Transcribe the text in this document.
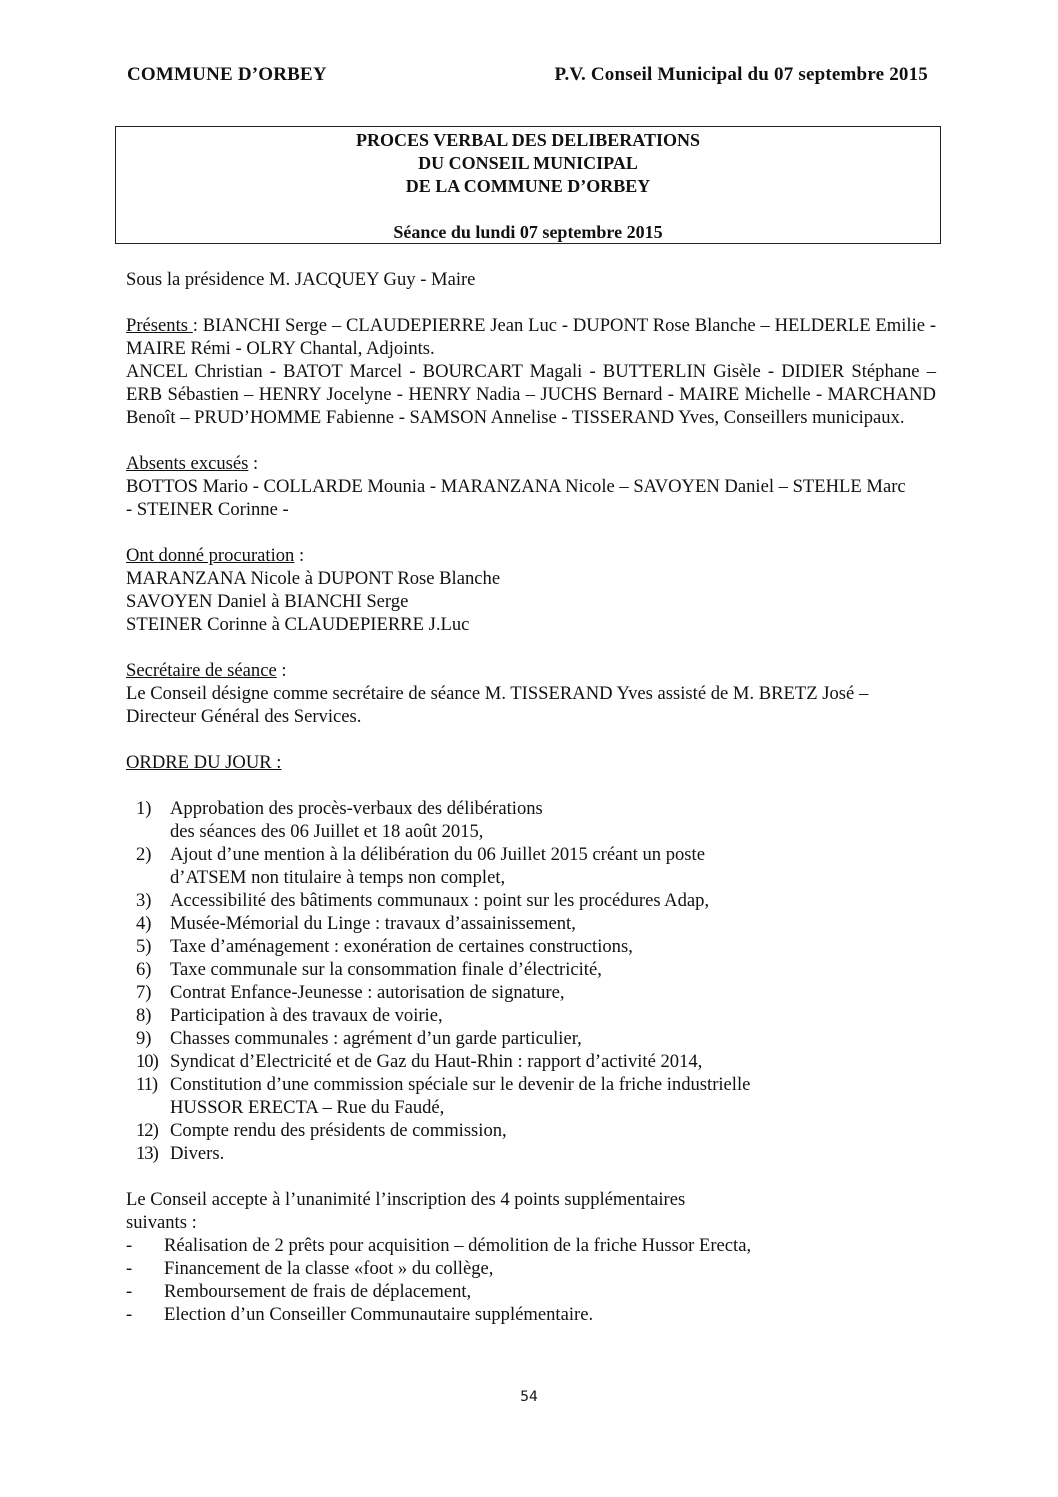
COMMUNE D’ORBEY	P.V. Conseil Municipal du 07 septembre 2015
PROCES VERBAL DES DELIBERATIONS
DU CONSEIL MUNICIPAL
DE LA COMMUNE D’ORBEY
Séance du lundi 07 septembre 2015

Sous la présidence M. JACQUEY Guy - Maire

Présents : BIANCHI Serge – CLAUDEPIERRE Jean Luc - DUPONT Rose Blanche – HELDERLE Emilie - MAIRE Rémi - OLRY Chantal, Adjoints.

ANCEL Christian - BATOT Marcel - BOURCART Magali - BUTTERLIN Gisèle - DIDIER Stéphane – ERB Sébastien – HENRY Jocelyne - HENRY Nadia – JUCHS Bernard - MAIRE Michelle - MARCHAND Benoît – PRUD’HOMME Fabienne - SAMSON Annelise - TISSERAND Yves, Conseillers municipaux.

Absents excusés :

BOTTOS Mario - COLLARDE Mounia - MARANZANA Nicole – SAVOYEN Daniel – STEHLE Marc - STEINER Corinne -

Ont donné procuration :

MARANZANA Nicole à DUPONT Rose Blanche

SAVOYEN Daniel à BIANCHI Serge

STEINER Corinne à CLAUDEPIERRE J.Luc

Secrétaire de séance :

Le Conseil désigne comme secrétaire de séance M. TISSERAND Yves assisté de M. BRETZ José – Directeur Général des Services.

ORDRE DU JOUR :

1) Approbation des procès-verbaux des délibérations
des séances des 06 Juillet et 18 août 2015,
2) Ajout d’une mention à la délibération du 06 Juillet 2015 créant un poste
d’ATSEM non titulaire à temps non complet,
3) Accessibilité des bâtiments communaux : point sur les procédures Adap,
4) Musée-Mémorial du Linge : travaux d’assainissement,
5) Taxe d’aménagement : exonération de certaines constructions,
6) Taxe communale sur la consommation finale d’électricité,
7) Contrat Enfance-Jeunesse : autorisation de signature,
8) Participation à des travaux de voirie,
9) Chasses communales : agrément d’un garde particulier,
10) Syndicat d’Electricité et de Gaz du Haut-Rhin : rapport d’activité 2014,
11) Constitution d’une commission spéciale sur le devenir de la friche industrielle
HUSSOR ERECTA – Rue du Faudé,
12) Compte rendu des présidents de commission,
13) Divers.

Le Conseil accepte à l’unanimité l’inscription des 4 points supplémentaires
suivants :

- Réalisation de 2 prêts pour acquisition – démolition de la friche Hussor Erecta,
- Financement de la classe «foot » du collège,
- Remboursement de frais de déplacement,
- Election d’un Conseiller Communautaire supplémentaire.
54
